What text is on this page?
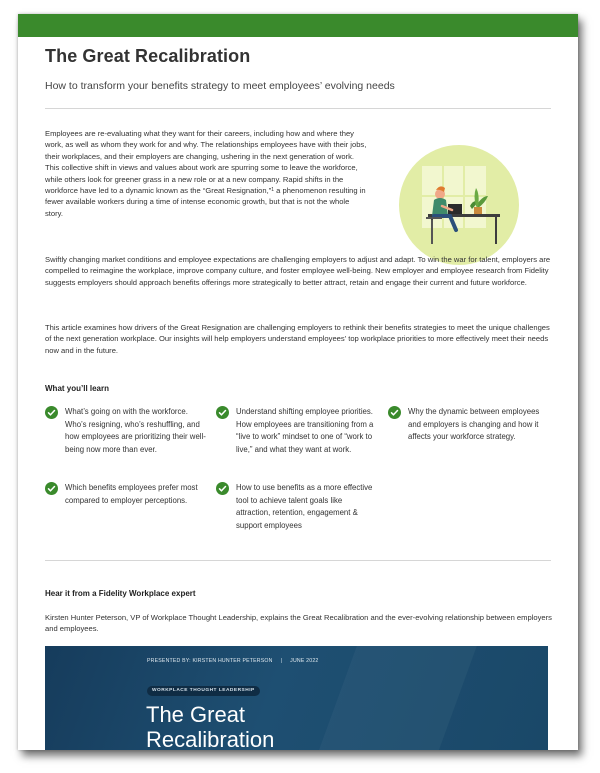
The Great Recalibration
How to transform your benefits strategy to meet employees’ evolving needs

Employees are re-evaluating what they want for their careers, including how and where they work, as well as whom they work for and why. The relationships employees have with their jobs, their workplaces, and their employers are changing, ushering in the next generation of work. This collective shift in views and values about work are spurring some to leave the workforce, while others look for greener grass in a new role or at a new company. Rapid shifts in the workforce have led to a dynamic known as the “Great Resignation,”$^1$ a phenomenon resulting in fewer available workers during a time of intense economic growth, but that is not the whole story.

Swiftly changing market conditions and employee expectations are challenging employers to adjust and adapt. To win the war for talent, employers are compelled to reimagine the workplace, improve company culture, and foster employee well-being. New employer and employee research from Fidelity suggests employers should approach benefits offerings more strategically to better attract, retain and engage their current and future workforce.

This article examines how drivers of the Great Resignation are challenging employers to rethink their benefits strategies to meet the unique challenges of the next generation workplace. Our insights will help employers understand employees’ top workplace priorities to more effectively meet their needs now and in the future.

What you’ll learn
What’s going on with the workforce. Who’s resigning, who’s reshuffling, and how employees are prioritizing their well-being now more than ever.
Understand shifting employee priorities. How employees are transitioning from a “live to work” mindset to one of “work to live,” and what they want at work.
Why the dynamic between employees and employers is changing and how it affects your workforce strategy.
Which benefits employees prefer most compared to employer perceptions.
How to use benefits as a more effective tool to achieve talent goals like attraction, retention, engagement & support employees
Hear it from a Fidelity Workplace expert

Kirsten Hunter Peterson, VP of Workplace Thought Leadership, explains the Great Recalibration and the ever-evolving relationship between employers and employees.

PRESENTED BY: KIRSTEN HUNTER PETERSON | JUNE 2022
WORKPLACE THOUGHT LEADERSHIP
The Great
Recalibration
